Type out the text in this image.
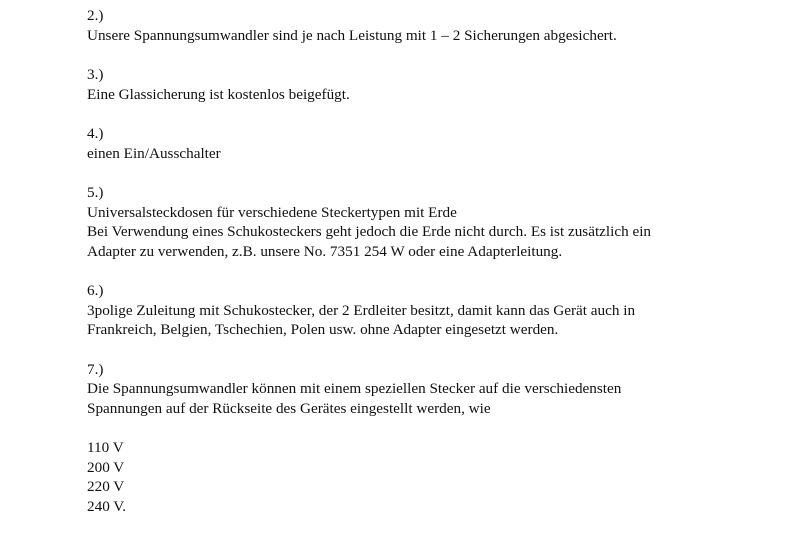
2.)
Unsere Spannungsumwandler sind je nach Leistung mit 1 – 2 Sicherungen abgesichert.
3.)
Eine Glassicherung ist kostenlos beigefügt.
4.)
einen Ein/Ausschalter
5.)
Universalsteckdosen für verschiedene Steckertypen mit Erde
Bei Verwendung eines Schukosteckers geht jedoch die Erde nicht durch. Es ist zusätzlich ein
Adapter zu verwenden, z.B. unsere No. 7351 254 W oder eine Adapterleitung.
6.)
3polige Zuleitung mit Schukostecker, der 2 Erdleiter besitzt, damit kann das Gerät auch in
Frankreich, Belgien, Tschechien, Polen usw. ohne Adapter eingesetzt werden.
7.)
Die Spannungsumwandler können mit einem speziellen Stecker auf die verschiedensten
Spannungen auf der Rückseite des Gerätes eingestellt werden, wie
110 V
200 V
220 V
240 V.
